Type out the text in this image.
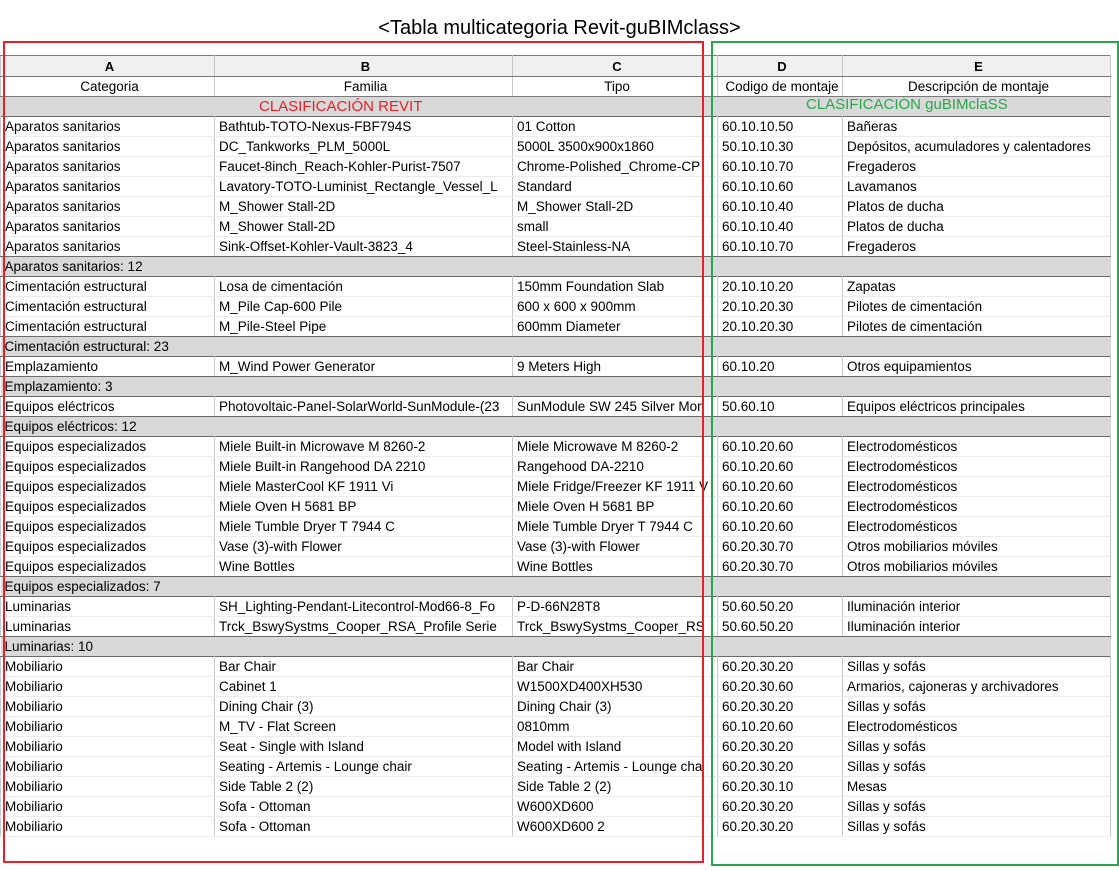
<Tabla multicategoria Revit-guBIMclass>
A	B	C	D	E
Categoria	Familia	Tipo	Codigo de montaje	Descripción de montaje

Aparatos sanitarios	Bathtub-TOTO-Nexus-FBF794S	01 Cotton	60.10.10.50	Bañeras
Aparatos sanitarios	DC_Tankworks_PLM_5000L	5000L 3500x900x1860	50.10.10.30	Depósitos, acumuladores y calentadores
Aparatos sanitarios	Faucet-8inch_Reach-Kohler-Purist-7507	Chrome-Polished_Chrome-CP	60.10.10.70	Fregaderos
Aparatos sanitarios	Lavatory-TOTO-Luminist_Rectangle_Vessel_L	Standard	60.10.10.60	Lavamanos
Aparatos sanitarios	M_Shower Stall-2D	M_Shower Stall-2D	60.10.10.40	Platos de ducha
Aparatos sanitarios	M_Shower Stall-2D	small	60.10.10.40	Platos de ducha
Aparatos sanitarios	Sink-Offset-Kohler-Vault-3823_4	Steel-Stainless-NA	60.10.10.70	Fregaderos
Aparatos sanitarios: 12				
Cimentación estructural	Losa de cimentación	150mm Foundation Slab	20.10.10.20	Zapatas
Cimentación estructural	M_Pile Cap-600 Pile	600 x 600 x 900mm	20.10.20.30	Pilotes de cimentación
Cimentación estructural	M_Pile-Steel Pipe	600mm Diameter	20.10.20.30	Pilotes de cimentación
Cimentación estructural: 23				
Emplazamiento	M_Wind Power Generator	9 Meters High	60.10.20	Otros equipamientos
Emplazamiento: 3				
Equipos eléctricos	Photovoltaic-Panel-SolarWorld-SunModule-(23	SunModule SW 245 Silver Mon	50.60.10	Equipos eléctricos principales
Equipos eléctricos: 12				
Equipos especializados	Miele Built-in Microwave M 8260-2	Miele Microwave M 8260-2	60.10.20.60	Electrodomésticos
Equipos especializados	Miele Built-in Rangehood DA 2210	Rangehood DA-2210	60.10.20.60	Electrodomésticos
Equipos especializados	Miele MasterCool KF 1911 Vi	Miele Fridge/Freezer KF 1911 V	60.10.20.60	Electrodomésticos
Equipos especializados	Miele Oven H 5681 BP	Miele Oven H 5681 BP	60.10.20.60	Electrodomésticos
Equipos especializados	Miele Tumble Dryer T 7944 C	Miele Tumble Dryer T 7944 C	60.10.20.60	Electrodomésticos
Equipos especializados	Vase (3)-with Flower	Vase (3)-with Flower	60.20.30.70	Otros mobiliarios móviles
Equipos especializados	Wine Bottles	Wine Bottles	60.20.30.70	Otros mobiliarios móviles
Equipos especializados: 7				
Luminarias	SH_Lighting-Pendant-Litecontrol-Mod66-8_Fo	P-D-66N28T8	50.60.50.20	Iluminación interior
Luminarias	Trck_BswySystms_Cooper_RSA_Profile Serie	Trck_BswySystms_Cooper_RS	50.60.50.20	Iluminación interior
Luminarias: 10				
Mobiliario	Bar Chair	Bar Chair	60.20.30.20	Sillas y sofás
Mobiliario	Cabinet 1	W1500XD400XH530	60.20.30.60	Armarios, cajoneras y archivadores
Mobiliario	Dining Chair (3)	Dining Chair (3)	60.20.30.20	Sillas y sofás
Mobiliario	M_TV - Flat Screen	0810mm	60.10.20.60	Electrodomésticos
Mobiliario	Seat - Single with Island	Model with Island	60.20.30.20	Sillas y sofás
Mobiliario	Seating - Artemis - Lounge chair	Seating - Artemis - Lounge cha	60.20.30.20	Sillas y sofás
Mobiliario	Side Table 2 (2)	Side Table 2 (2)	60.20.30.10	Mesas
Mobiliario	Sofa - Ottoman	W600XD600	60.20.30.20	Sillas y sofás
Mobiliario	Sofa - Ottoman	W600XD600 2	60.20.30.20	Sillas y sofás
CLASIFICACIÓN REVIT	CLASIFICACIÓN guBIMclaSS
